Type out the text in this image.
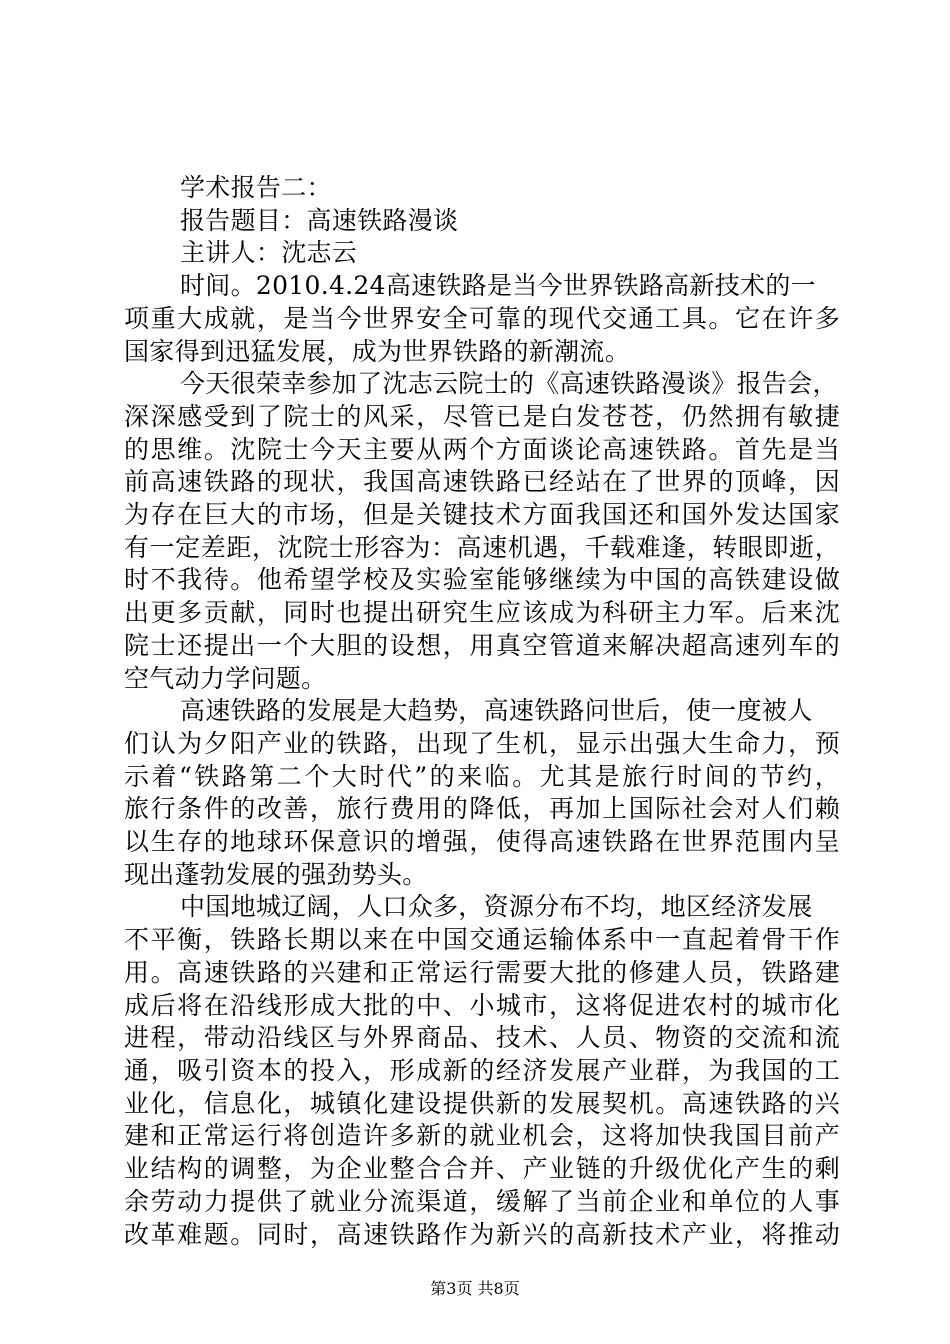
学术报告二：

报告题目：高速铁路漫谈

主讲人：沈志云

时间。2010.4.24高速铁路是当今世界铁路高新技术的一

项重大成就，是当今世界安全可靠的现代交通工具。它在许多

国家得到迅猛发展，成为世界铁路的新潮流。

今天很荣幸参加了沈志云院士的《高速铁路漫谈》报告会，

深深感受到了院士的风采，尽管已是白发苍苍，仍然拥有敏捷

的思维。沈院士今天主要从两个方面谈论高速铁路。首先是当

前高速铁路的现状，我国高速铁路已经站在了世界的顶峰，因

为存在巨大的市场，但是关键技术方面我国还和国外发达国家

有一定差距，沈院士形容为：高速机遇，千载难逢，转眼即逝，

时不我待。他希望学校及实验室能够继续为中国的高铁建设做

出更多贡献，同时也提出研究生应该成为科研主力军。后来沈

院士还提出一个大胆的设想，用真空管道来解决超高速列车的

空气动力学问题。

高速铁路的发展是大趋势，高速铁路问世后，使一度被人

们认为夕阳产业的铁路，出现了生机，显示出强大生命力，预

示着“铁路第二个大时代”的来临。尤其是旅行时间的节约，

旅行条件的改善，旅行费用的降低，再加上国际社会对人们赖

以生存的地球环保意识的增强，使得高速铁路在世界范围内呈

现出蓬勃发展的强劲势头。

中国地城辽阔，人口众多，资源分布不均，地区经济发展

不平衡，铁路长期以来在中国交通运输体系中一直起着骨干作

用。高速铁路的兴建和正常运行需要大批的修建人员，铁路建

成后将在沿线形成大批的中、小城市，这将促进农村的城市化

进程，带动沿线区与外界商品、技术、人员、物资的交流和流

通，吸引资本的投入，形成新的经济发展产业群，为我国的工

业化，信息化，城镇化建设提供新的发展契机。高速铁路的兴

建和正常运行将创造许多新的就业机会，这将加快我国目前产

业结构的调整，为企业整合合并、产业链的升级优化产生的剩

余劳动力提供了就业分流渠道，缓解了当前企业和单位的人事

改革难题。同时，高速铁路作为新兴的高新技术产业，将推动

第3页 共8页
